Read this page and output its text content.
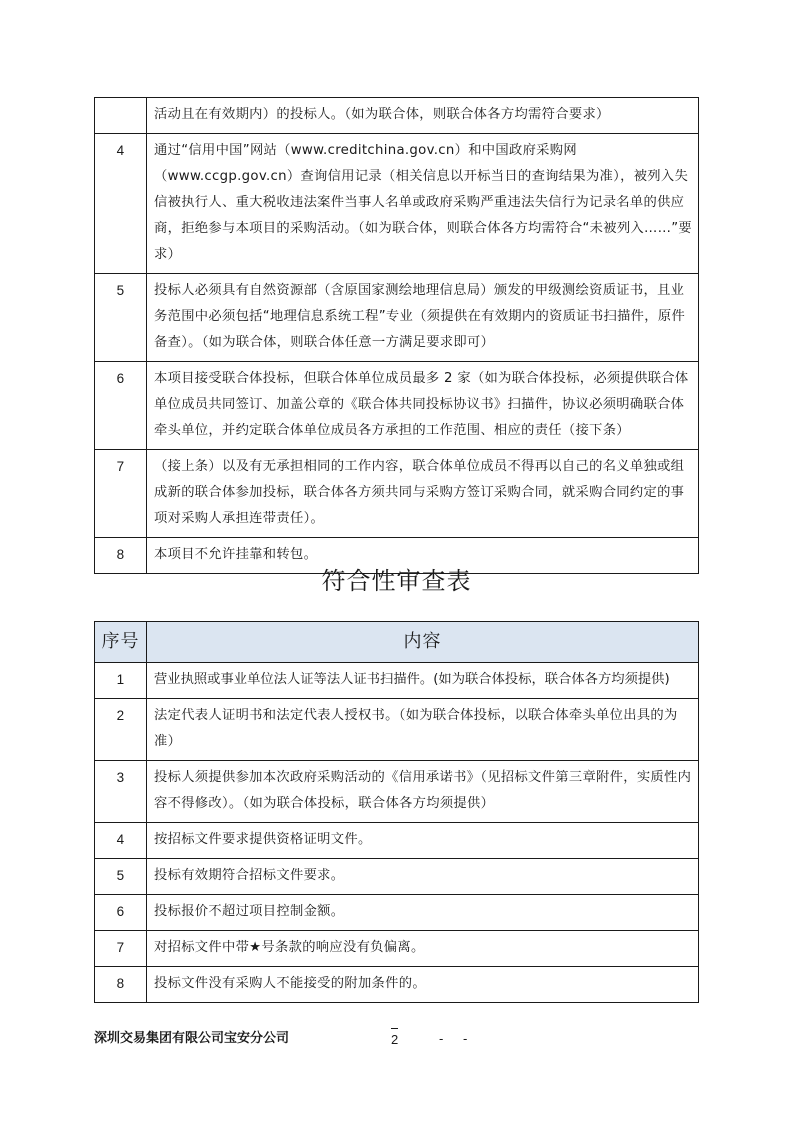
	活动且在有效期内）的投标人。（如为联合体，则联合体各方均需符合要求）
4	通过“信用中国”网站（www.creditchina.gov.cn）和中国政府采购网（www.ccgp.gov.cn）查询信用记录（相关信息以开标当日的查询结果为准），被列入失信被执行人、重大税收违法案件当事人名单或政府采购严重违法失信行为记录名单的供应商，拒绝参与本项目的采购活动。（如为联合体，则联合体各方均需符合“未被列入……”要求）
5	投标人必须具有自然资源部（含原国家测绘地理信息局）颁发的甲级测绘资质证书，且业务范围中必须包括“地理信息系统工程”专业（须提供在有效期内的资质证书扫描件，原件备查）。（如为联合体，则联合体任意一方满足要求即可）
6	本项目接受联合体投标，但联合体单位成员最多 2 家（如为联合体投标，必须提供联合体单位成员共同签订、加盖公章的《联合体共同投标协议书》扫描件，协议必须明确联合体牵头单位，并约定联合体单位成员各方承担的工作范围、相应的责任（接下条）
7	（接上条）以及有无承担相同的工作内容，联合体单位成员不得再以自己的名义单独或组成新的联合体参加投标，联合体各方须共同与采购方签订采购合同，就采购合同约定的事项对采购人承担连带责任）。
8	本项目不允许挂靠和转包。
符合性审查表
序号	内容
1	营业执照或事业单位法人证等法人证书扫描件。(如为联合体投标，联合体各方均须提供)
2	法定代表人证明书和法定代表人授权书。（如为联合体投标，以联合体牵头单位出具的为准）
3	投标人须提供参加本次政府采购活动的《信用承诺书》（见招标文件第三章附件，实质性内容不得修改）。（如为联合体投标，联合体各方均须提供）
4	按招标文件要求提供资格证明文件。
5	投标有效期符合招标文件要求。
6	投标报价不超过项目控制金额。
7	对招标文件中带★号条款的响应没有负偏离。
8	投标文件没有采购人不能接受的附加条件的。
深圳交易集团有限公司宝安分公司	2	- -
